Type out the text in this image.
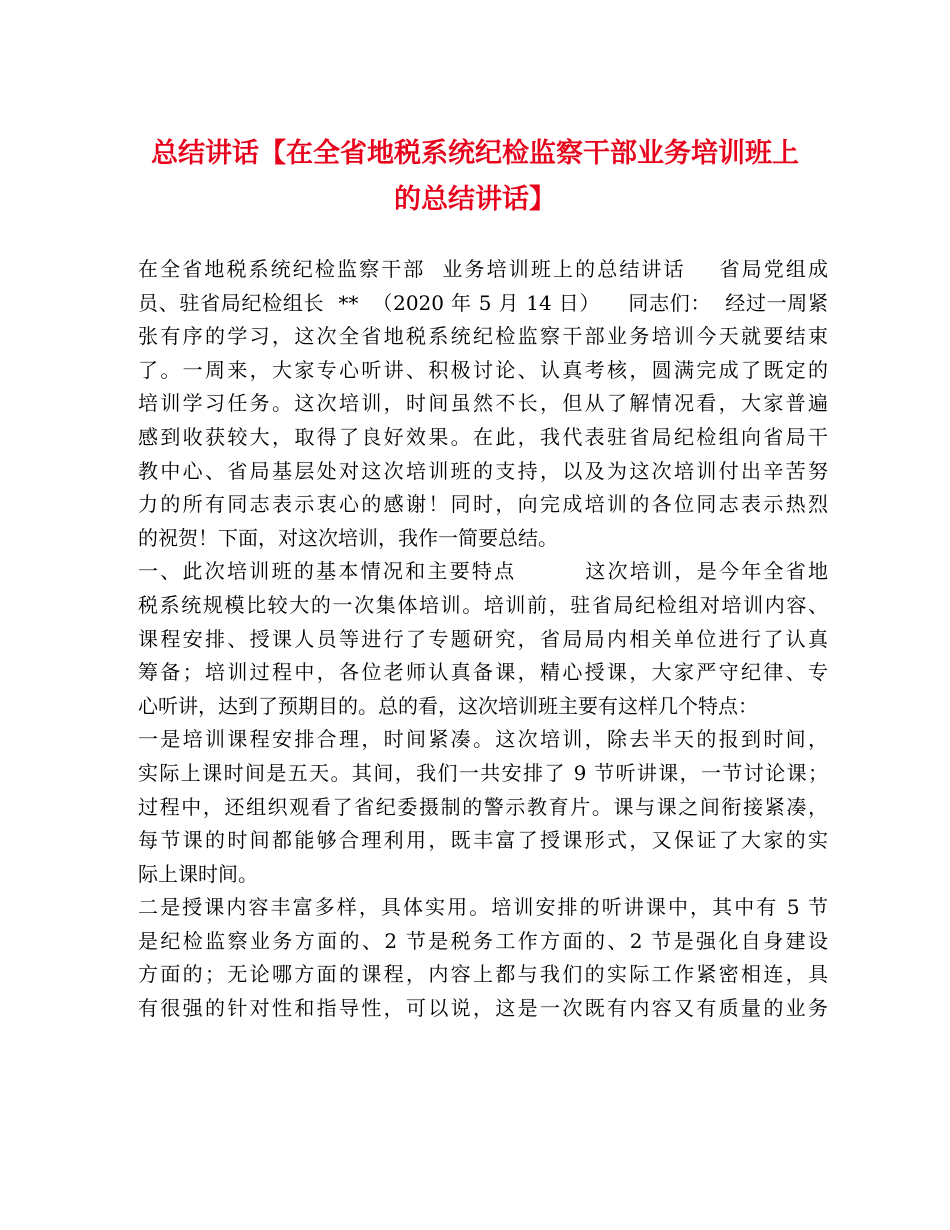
总结讲话【在全省地税系统纪检监察干部业务培训班上
的总结讲话】
在全省地税系统纪检监察干部  业务培训班上的总结讲话    省局党组成
员、驻省局纪检组长  **  （2020 年 5 月 14 日）    同志们：  经过一周紧
张有序的学习，这次全省地税系统纪检监察干部业务培训今天就要结束
了。一周来，大家专心听讲、积极讨论、认真考核，圆满完成了既定的
培训学习任务。这次培训，时间虽然不长，但从了解情况看，大家普遍
感到收获较大，取得了良好效果。在此，我代表驻省局纪检组向省局干
教中心、省局基层处对这次培训班的支持，以及为这次培训付出辛苦努
力的所有同志表示衷心的感谢！同时，向完成培训的各位同志表示热烈
的祝贺！下面，对这次培训，我作一简要总结。
一、此次培训班的基本情况和主要特点        这次培训，是今年全省地
税系统规模比较大的一次集体培训。培训前，驻省局纪检组对培训内容、
课程安排、授课人员等进行了专题研究，省局局内相关单位进行了认真
筹备；培训过程中，各位老师认真备课，精心授课，大家严守纪律、专
心听讲，达到了预期目的。总的看，这次培训班主要有这样几个特点：
一是培训课程安排合理，时间紧凑。这次培训，除去半天的报到时间，
实际上课时间是五天。其间，我们一共安排了 9 节听讲课，一节讨论课；
过程中，还组织观看了省纪委摄制的警示教育片。课与课之间衔接紧凑，
每节课的时间都能够合理利用，既丰富了授课形式，又保证了大家的实
际上课时间。
二是授课内容丰富多样，具体实用。培训安排的听讲课中，其中有 5 节
是纪检监察业务方面的、2 节是税务工作方面的、2 节是强化自身建设
方面的；无论哪方面的课程，内容上都与我们的实际工作紧密相连，具
有很强的针对性和指导性，可以说，这是一次既有内容又有质量的业务
